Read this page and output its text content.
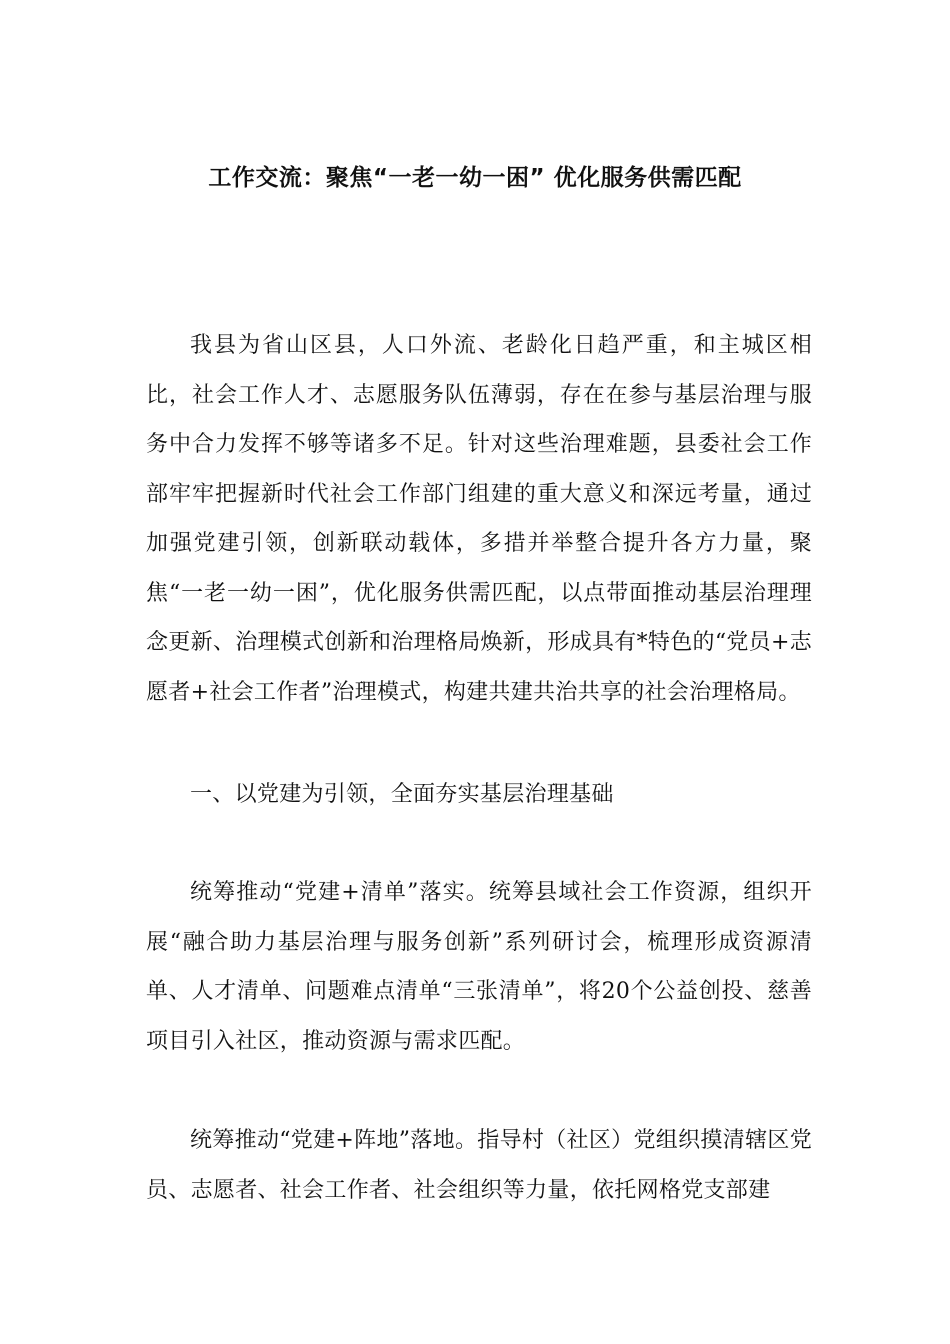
工作交流：聚焦“一老一幼一困” 优化服务供需匹配

我县为省山区县，人口外流、老龄化日趋严重，和主城区相比，社会工作人才、志愿服务队伍薄弱，存在在参与基层治理与服务中合力发挥不够等诸多不足。针对这些治理难题，县委社会工作部牢牢把握新时代社会工作部门组建的重大意义和深远考量，通过加强党建引领，创新联动载体，多措并举整合提升各方力量，聚焦“一老一幼一困”，优化服务供需匹配，以点带面推动基层治理理念更新、治理模式创新和治理格局焕新，形成具有*特色的“党员+志愿者+社会工作者”治理模式，构建共建共治共享的社会治理格局。

一、以党建为引领，全面夯实基层治理基础

统筹推动“党建+清单”落实。统筹县域社会工作资源，组织开展“融合助力基层治理与服务创新”系列研讨会，梳理形成资源清单、人才清单、问题难点清单“三张清单”，将20个公益创投、慈善项目引入社区，推动资源与需求匹配。

统筹推动“党建+阵地”落地。指导村（社区）党组织摸清辖区党员、志愿者、社会工作者、社会组织等力量，依托网格党支部建
